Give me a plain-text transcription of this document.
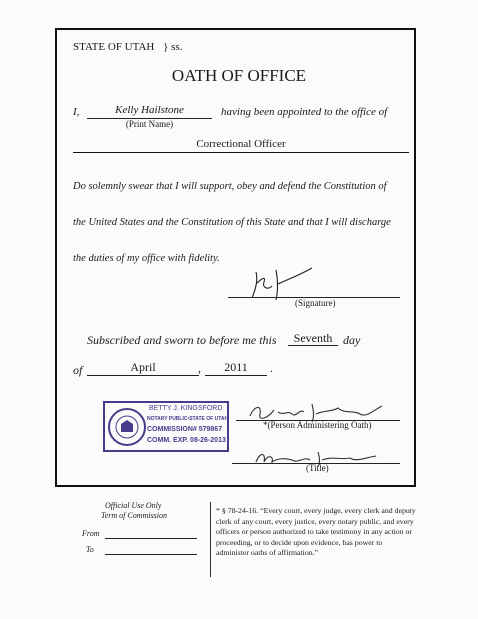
STATE OF UTAH } ss.
OATH OF OFFICE
I,	Kelly Hailstone
(Print Name)
having been appointed to the office of
Correctional Officer
Do solemnly swear that I will support, obey and defend the Constitution of
the United States and the Constitution of this State and that I will discharge
the duties of my office with fidelity.
(Signature)
Subscribed and sworn to before me this	Seventh day
of	April	,	2011	.
BETTY J. KINGSFORD
NOTARY PUBLIC•STATE OF UTAH
COMMISSION# 579867
COMM. EXP. 08-26-2013
*(Person Administering Oath)
(Title)
Official Use Only
Term of Commission
From
To
* § 78-24-16. “Every court, every judge, every clerk and deputy clerk of any court, every justice, every notary public, and every officers or person authorized to take testimony in any action or proceeding, or to decide upon evidence, has power to administer oaths of affirmation.”
